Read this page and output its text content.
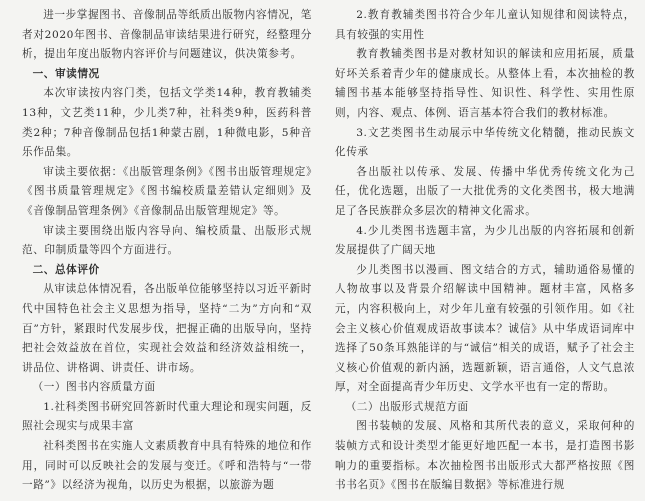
进一步掌握图书、音像制品等纸质出版物内容情况，笔者对2020年图书、音像制品审读结果进行研究，经整理分析，提出年度出版物内容评价与问题建议，供决策参考。

一、审读情况

本次审读按内容门类，包括文学类14种，教育教辅类13种，文艺类11种，少儿类7种，社科类9种，医药科普类2种；7种音像制品包括1种蒙古剧，1种微电影，5种音乐作品集。

审读主要依据：《出版管理条例》《图书出版管理规定》《图书质量管理规定》《图书编校质量差错认定细则》及《音像制品管理条例》《音像制品出版管理规定》等。

审读主要围绕出版内容导向、编校质量、出版形式规范、印制质量等四个方面进行。

二、总体评价

从审读总体情况看，各出版单位能够坚持以习近平新时代中国特色社会主义思想为指导，坚持“二为”方向和“双百”方针，紧跟时代发展步伐，把握正确的出版导向，坚持把社会效益放在首位，实现社会效益和经济效益相统一，讲品位、讲格调、讲责任、讲市场。

（一）图书内容质量方面

1.社科类图书研究回答新时代重大理论和现实问题，反照社会现实与成果丰富

社科类图书在实施人文素质教育中具有特殊的地位和作用，同时可以反映社会的发展与变迁。《呼和浩特与“一带一路”》以经济为视角，以历史为根据，以旅游为题

2.教育教辅类图书符合少年儿童认知规律和阅读特点，具有较强的实用性

教育教辅类图书是对教材知识的解读和应用拓展，质量好坏关系着青少年的健康成长。从整体上看，本次抽检的教辅图书基本能够坚持指导性、知识性、科学性、实用性原则，内容、观点、体例、语言基本符合我们的教材标准。

3.文艺类图书生动展示中华传统文化精髓，推动民族文化传承

各出版社以传承、发展、传播中华优秀传统文化为己任，优化选题，出版了一大批优秀的文化类图书，极大地满足了各民族群众多层次的精神文化需求。

4.少儿类图书选题丰富，为少儿出版的内容拓展和创新发展提供了广阔天地

少儿类图书以漫画、图文结合的方式，辅助通俗易懂的人物故事以及背景介绍解读中国精神。题材丰富，风格多元，内容积极向上，对少年儿童有较强的引领作用。如《社会主义核心价值观成语故事读本？诚信》从中华成语词库中选择了50条耳熟能详的与“诚信”相关的成语，赋予了社会主义核心价值观的新内涵，选题新颖，语言通俗，人文气息浓厚，对全面提高青少年历史、文学水平也有一定的帮助。

（二）出版形式规范方面

图书装帧的发展、风格和其所代表的意义，采取何种的装帧方式和设计类型才能更好地匹配一本书，是打造图书影响力的重要指标。本次抽检图书出版形式大都严格按照《图书书名页》《图书在版编目数据》等标准进行规
